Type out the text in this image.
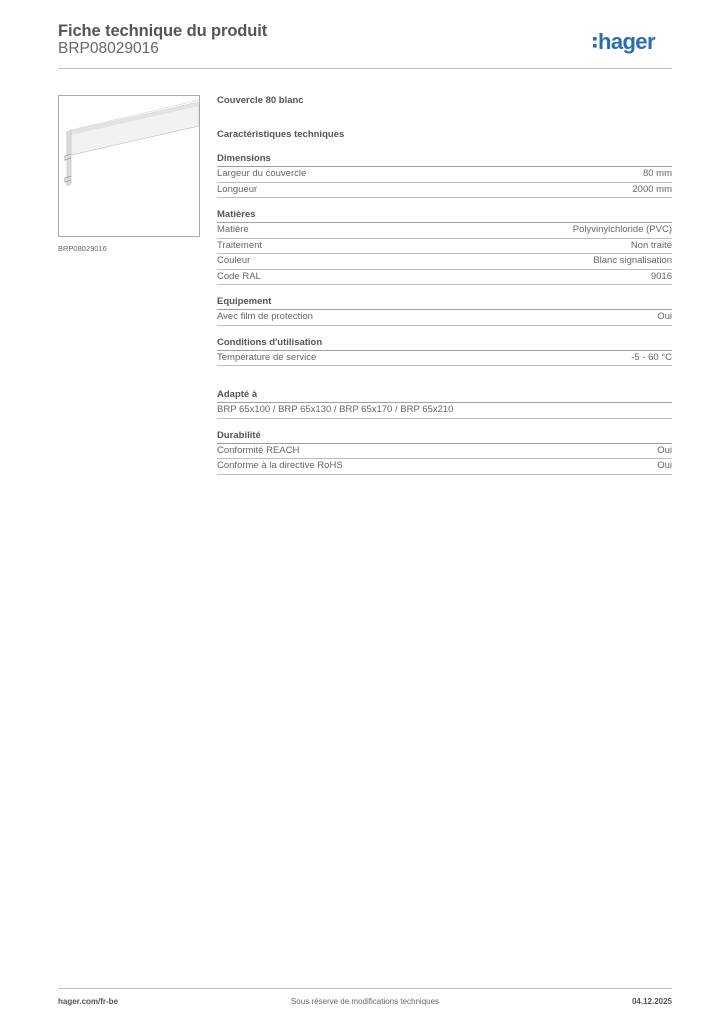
Fiche technique du produit
BRP08029016	hager
BRP08029016
Couvercle 80 blanc
Caractéristiques techniques
Dimensions
Largeur du couvercle	80 mm
Longueur	2000 mm
Matières
Matière	Polyvinylchloride (PVC)
Traitement	Non traité
Couleur	Blanc signalisation
Code RAL	9016
Equipement
Avec film de protection	Oui
Conditions d'utilisation
Température de service	-5 - 60 °C
Adapté à
BRP 65x100 / BRP 65x130 / BRP 65x170 / BRP 65x210
Durabilité
Conformité REACH	Oui
Conforme à la directive RoHS	Oui
hager.com/fr-be	Sous réserve de modifications techniques	04.12.2025
